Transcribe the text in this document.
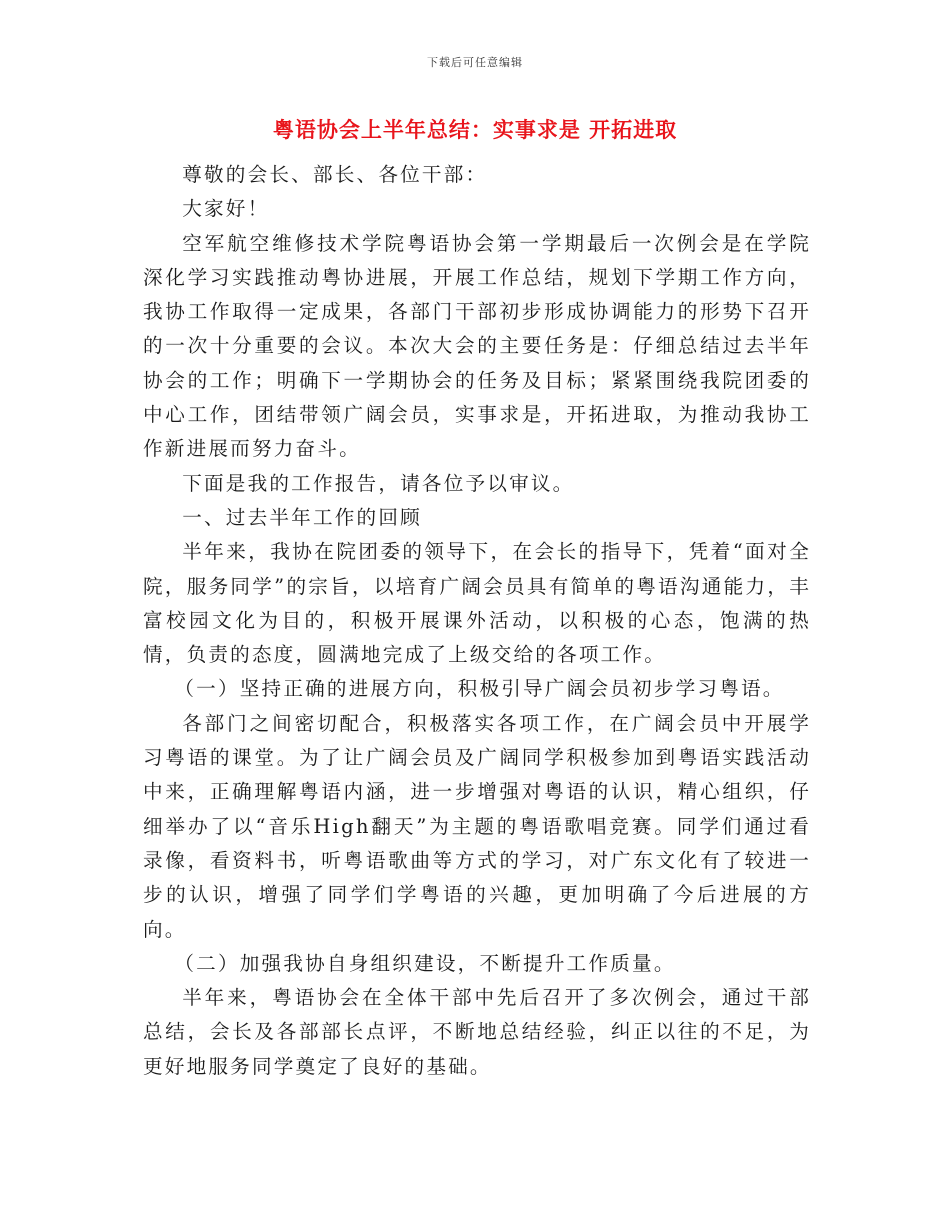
下载后可任意编辑
粤语协会上半年总结：实事求是 开拓进取

尊敬的会长、部长、各位干部：

大家好！

空军航空维修技术学院粤语协会第一学期最后一次例会是在学院深化学习实践推动粤协进展，开展工作总结，规划下学期工作方向，我协工作取得一定成果，各部门干部初步形成协调能力的形势下召开的一次十分重要的会议。本次大会的主要任务是：仔细总结过去半年协会的工作；明确下一学期协会的任务及目标；紧紧围绕我院团委的中心工作，团结带领广阔会员，实事求是，开拓进取，为推动我协工作新进展而努力奋斗。

下面是我的工作报告，请各位予以审议。

一、过去半年工作的回顾

半年来，我协在院团委的领导下，在会长的指导下，凭着“面对全院，服务同学”的宗旨，以培育广阔会员具有简单的粤语沟通能力，丰富校园文化为目的，积极开展课外活动，以积极的心态，饱满的热情，负责的态度，圆满地完成了上级交给的各项工作。

（一）坚持正确的进展方向，积极引导广阔会员初步学习粤语。

各部门之间密切配合，积极落实各项工作，在广阔会员中开展学习粤语的课堂。为了让广阔会员及广阔同学积极参加到粤语实践活动中来，正确理解粤语内涵，进一步增强对粤语的认识，精心组织，仔细举办了以“音乐High翻天”为主题的粤语歌唱竞赛。同学们通过看录像，看资料书，听粤语歌曲等方式的学习，对广东文化有了较进一步的认识，增强了同学们学粤语的兴趣，更加明确了今后进展的方向。

（二）加强我协自身组织建设，不断提升工作质量。

半年来，粤语协会在全体干部中先后召开了多次例会，通过干部总结，会长及各部部长点评，不断地总结经验，纠正以往的不足，为更好地服务同学奠定了良好的基础。
